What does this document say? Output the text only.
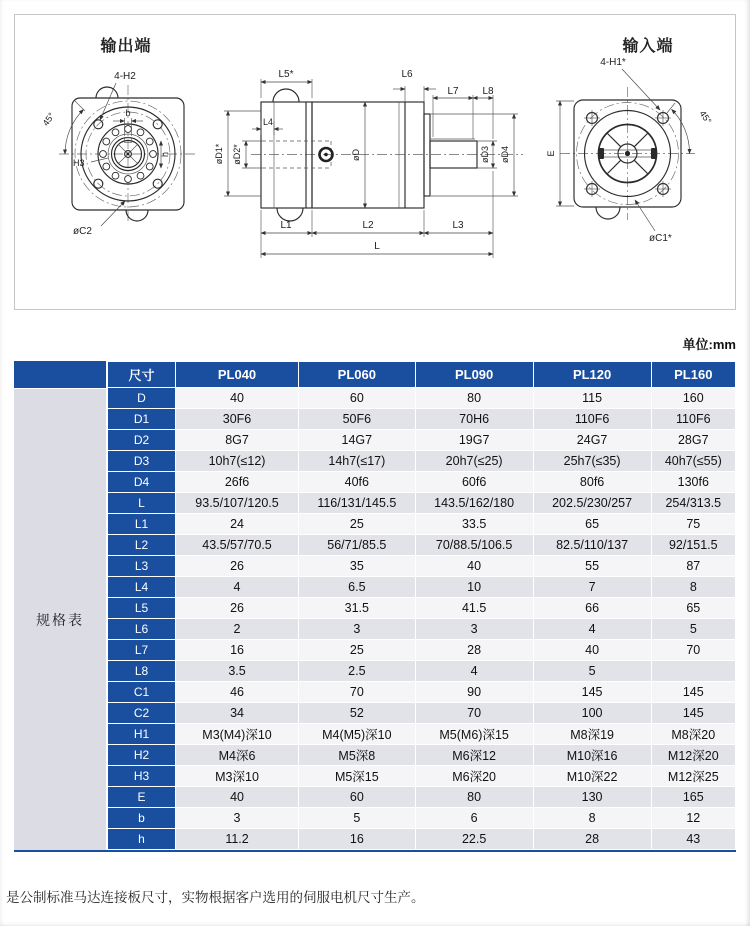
输出端	输入端
b
h
H3
øC2
4-H2
45°
L5*	L6
L7 L8
øD1* øD2*	øD	øD3 øD4
L4
L1	L2	L3
L
E
4-H1*
45°
øC1*
单位:mm
规格表
尺寸	PL040	PL060	PL090	PL120	PL160
D	40	60	80	115	160
D1	30F6	50F6	70H6	110F6	110F6
D2	8G7	14G7	19G7	24G7	28G7
D3	10h7(≤12)	14h7(≤17)	20h7(≤25)	25h7(≤35)	40h7(≤55)
D4	26f6	40f6	60f6	80f6	130f6
L	93.5/107/120.5	116/131/145.5	143.5/162/180	202.5/230/257	254/313.5
L1	24	25	33.5	65	75
L2	43.5/57/70.5	56/71/85.5	70/88.5/106.5	82.5/110/137	92/151.5
L3	26	35	40	55	87
L4	4	6.5	10	7	8
L5	26	31.5	41.5	66	65
L6	2	3	3	4	5
L7	16	25	28	40	70
L8	3.5	2.5	4	5	
C1	46	70	90	145	145
C2	34	52	70	100	145
H1	M3(M4)深10	M4(M5)深10	M5(M6)深15	M8深19	M8深20
H2	M4深6	M5深8	M6深12	M10深16	M12深20
H3	M3深10	M5深15	M6深20	M10深22	M12深25
E	40	60	80	130	165
b	3	5	6	8	12
h	11.2	16	22.5	28	43
是公制标准马达连接板尺寸，实物根据客户选用的伺服电机尺寸生产。
